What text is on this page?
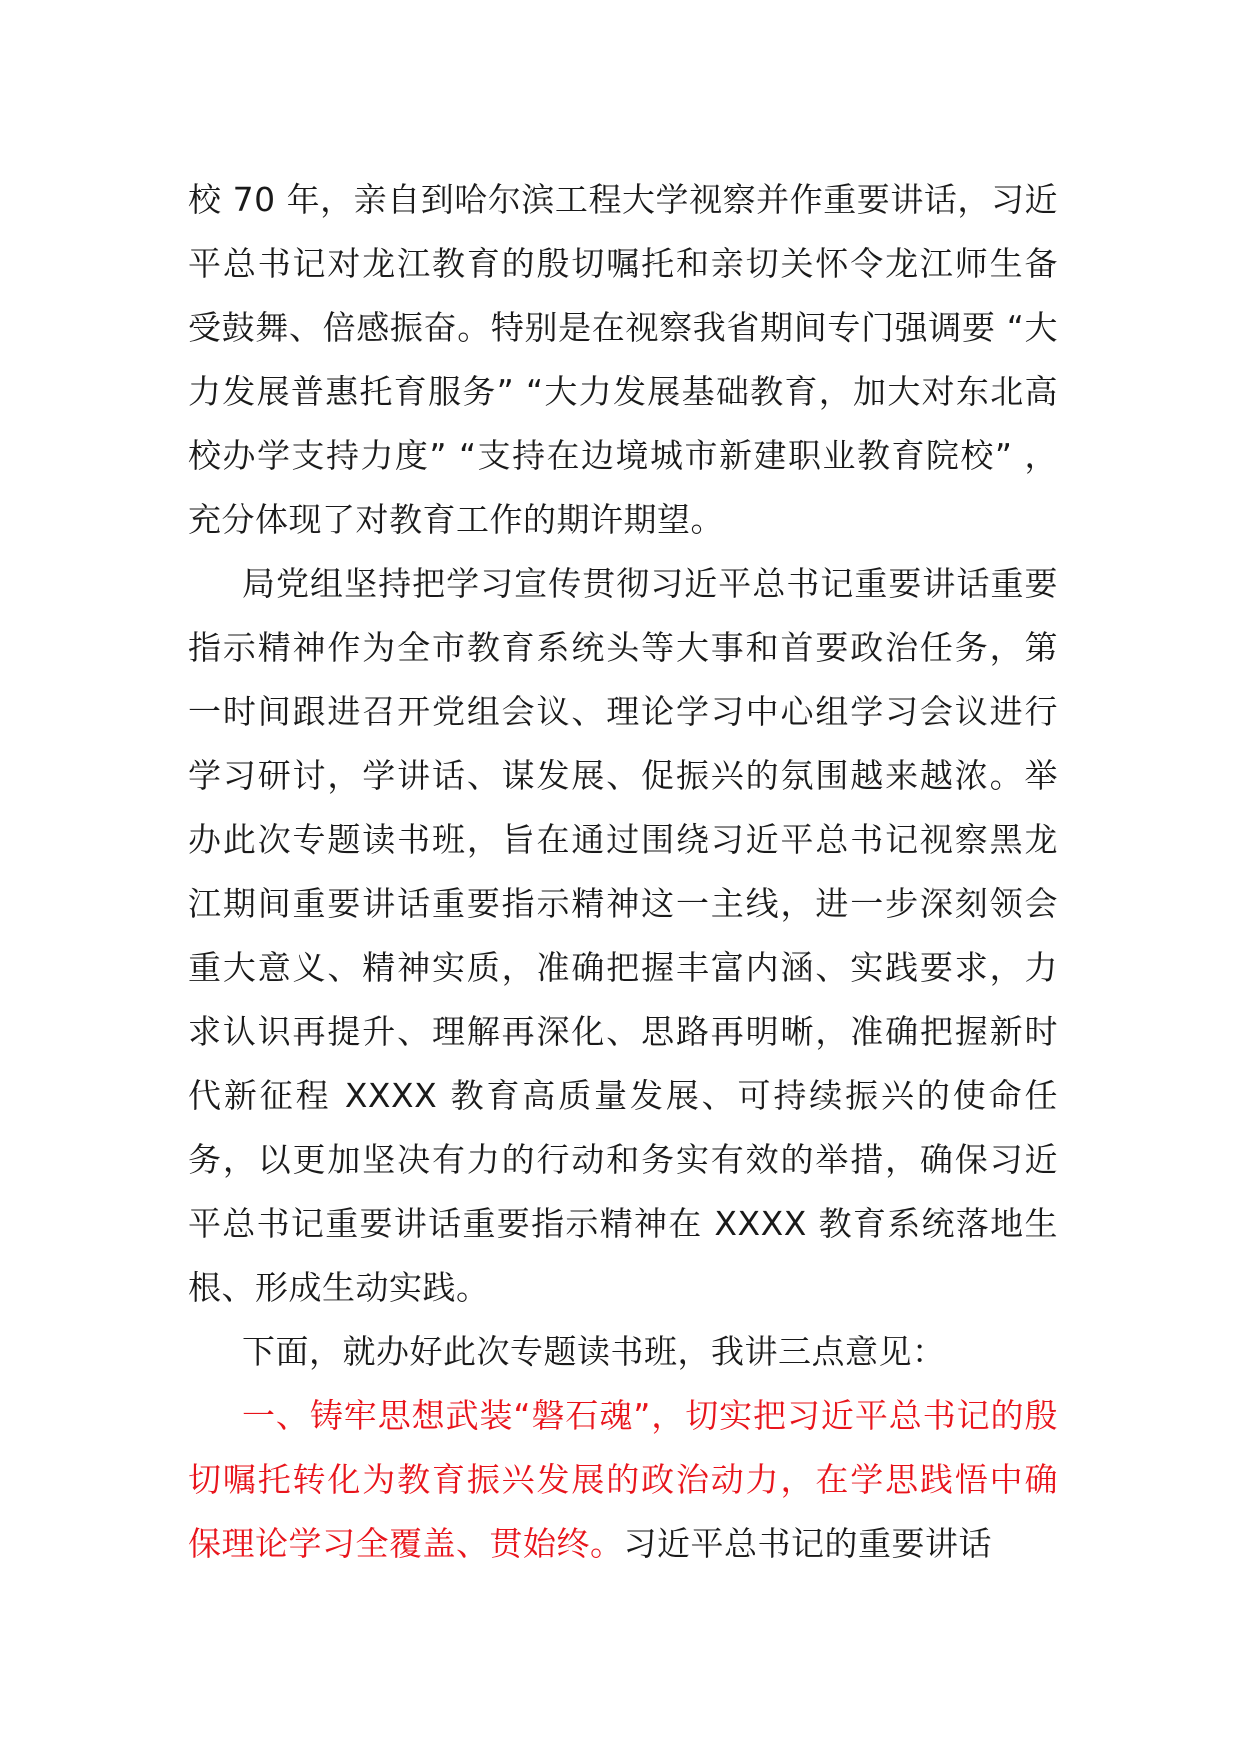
校 70 年，亲自到哈尔滨工程大学视察并作重要讲话，习近平总书记对龙江教育的殷切嘱托和亲切关怀令龙江师生备受鼓舞、倍感振奋。特别是在视察我省期间专门强调要 “大力发展普惠托育服务” “大力发展基础教育，加大对东北高校办学支持力度” “支持在边境城市新建职业教育院校” ，充分体现了对教育工作的期许期望。

局党组坚持把学习宣传贯彻习近平总书记重要讲话重要指示精神作为全市教育系统头等大事和首要政治任务，第一时间跟进召开党组会议、理论学习中心组学习会议进行学习研讨，学讲话、谋发展、促振兴的氛围越来越浓。举办此次专题读书班，旨在通过围绕习近平总书记视察黑龙江期间重要讲话重要指示精神这一主线，进一步深刻领会重大意义、精神实质，准确把握丰富内涵、实践要求，力求认识再提升、理解再深化、思路再明晰，准确把握新时代新征程 XXXX 教育高质量发展、可持续振兴的使命任务，以更加坚决有力的行动和务实有效的举措，确保习近平总书记重要讲话重要指示精神在 XXXX 教育系统落地生根、形成生动实践。

下面，就办好此次专题读书班，我讲三点意见：

一、铸牢思想武装“磐石魂”，切实把习近平总书记的殷切嘱托转化为教育振兴发展的政治动力，在学思践悟中确保理论学习全覆盖、贯始终。习近平总书记的重要讲话
